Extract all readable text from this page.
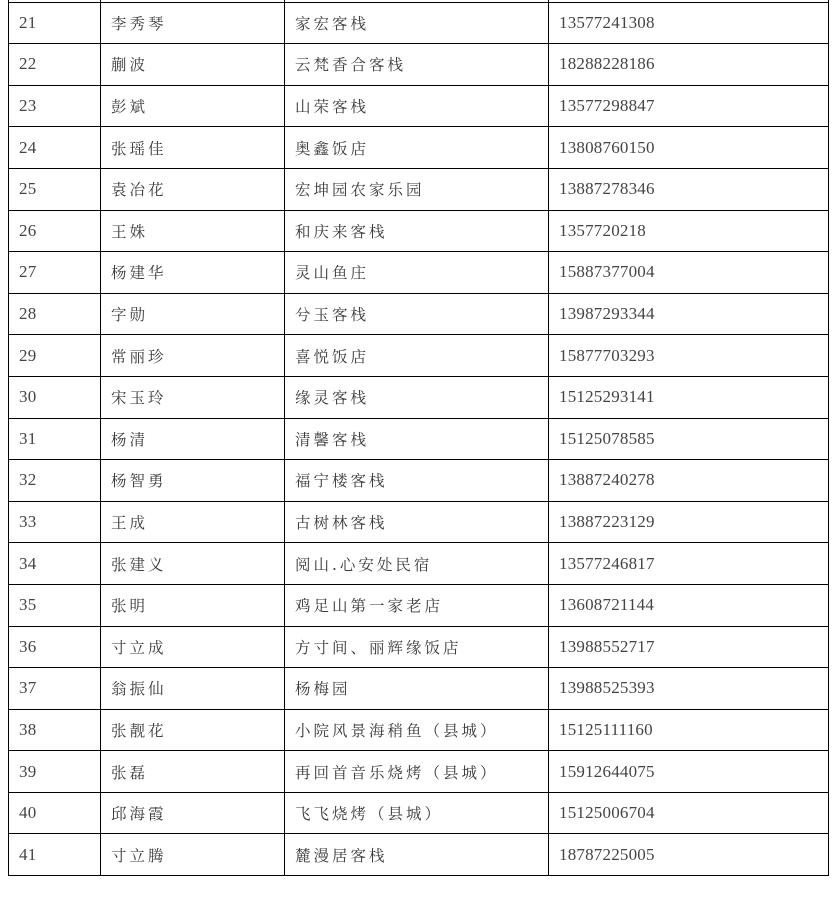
21	李秀琴	家宏客栈	13577241308
22	蒯波	云梵香合客栈	18288228186
23	彭斌	山荣客栈	13577298847
24	张瑶佳	奥鑫饭店	13808760150
25	袁冶花	宏坤园农家乐园	13887278346
26	王姝	和庆来客栈	1357720218
27	杨建华	灵山鱼庄	15887377004
28	字勋	兮玉客栈	13987293344
29	常丽珍	喜悦饭店	15877703293
30	宋玉玲	缘灵客栈	15125293141
31	杨清	清馨客栈	15125078585
32	杨智勇	福宁楼客栈	13887240278
33	王成	古树林客栈	13887223129
34	张建义	阅山.心安处民宿	13577246817
35	张明	鸡足山第一家老店	13608721144
36	寸立成	方寸间、丽辉缘饭店	13988552717
37	翁振仙	杨梅园	13988525393
38	张靓花	小院风景海稍鱼（县城）	15125111160
39	张磊	再回首音乐烧烤（县城）	15912644075
40	邱海霞	飞飞烧烤（县城）	15125006704
41	寸立腾	麓漫居客栈	18787225005
